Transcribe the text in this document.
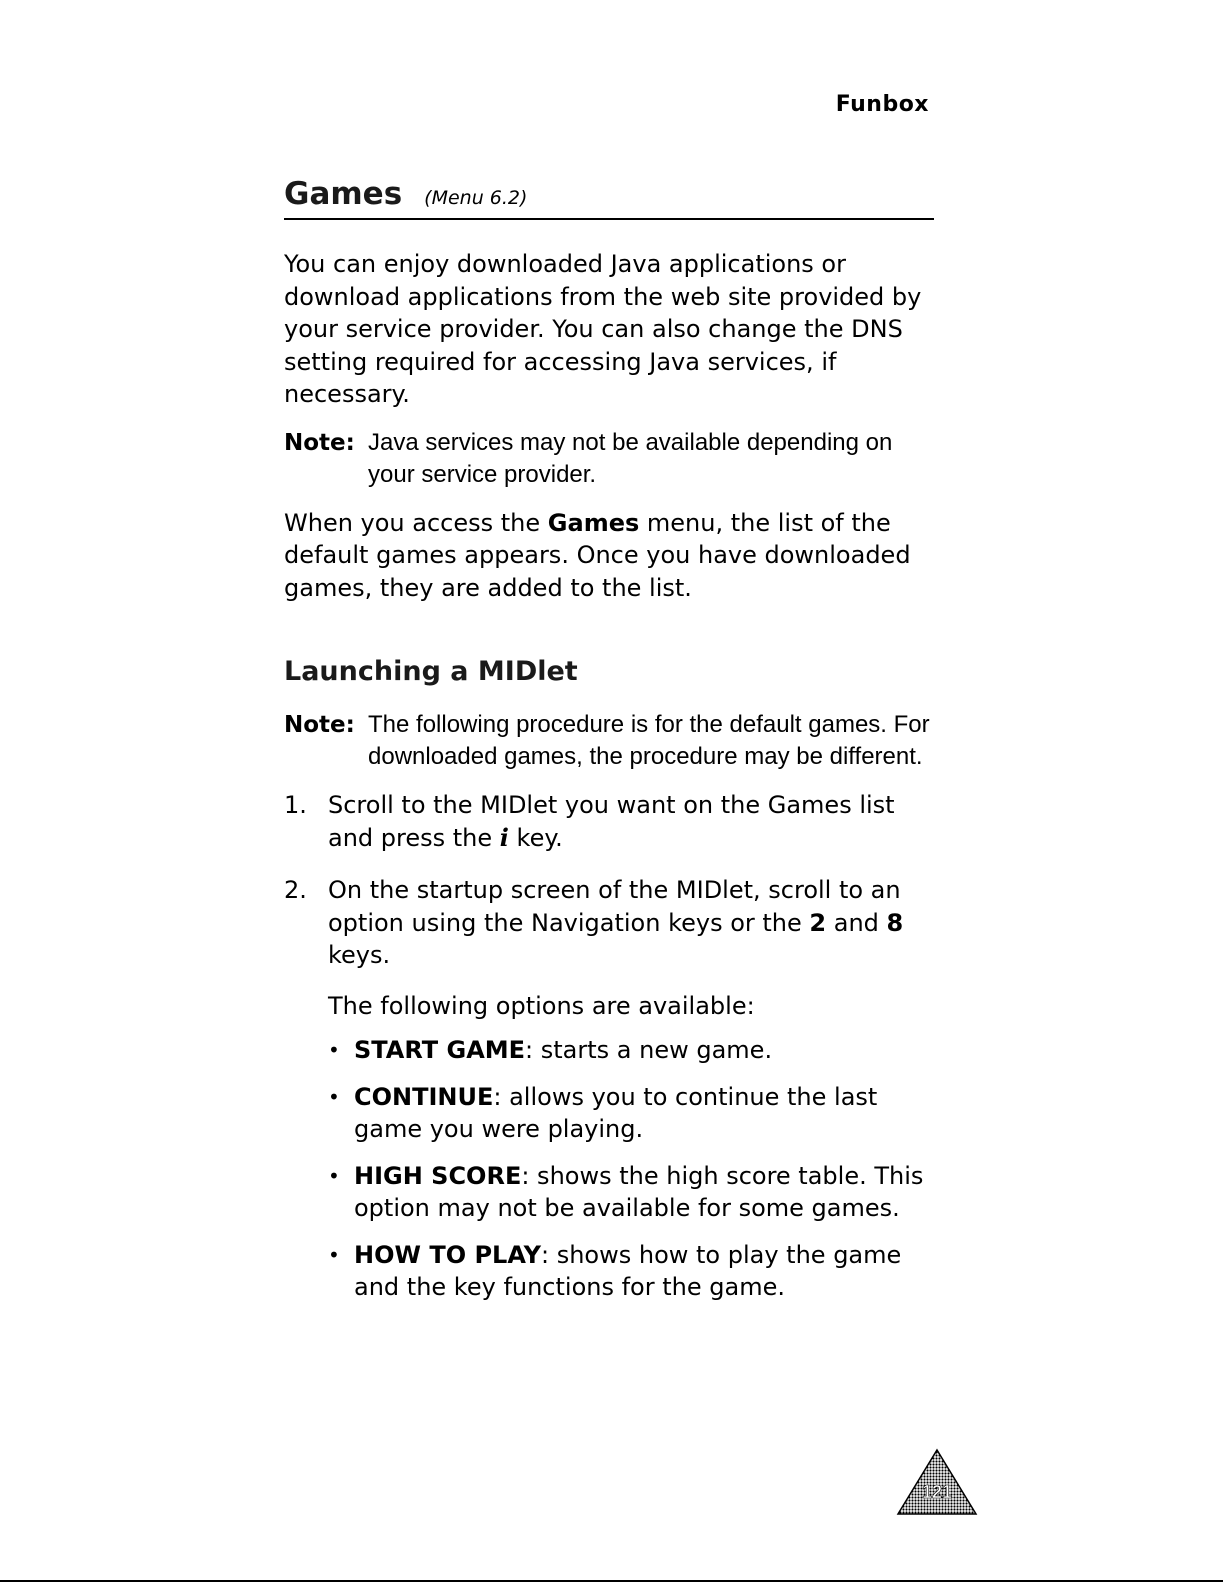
Funbox
Games (Menu 6.2)

You can enjoy downloaded Java applications or download applications from the web site provided by your service provider. You can also change the DNS setting required for accessing Java services, if necessary.

Note: Java services may not be available depending on your service provider.

When you access the Games menu, the list of the default games appears. Once you have downloaded games, they are added to the list.

Launching a MIDlet
Note: The following procedure is for the default games. For downloaded games, the procedure may be different.
1. Scroll to the MIDlet you want on the Games list and press the i key.
2. On the startup screen of the MIDlet, scroll to an option using the Navigation keys or the 2 and 8 keys.
The following options are available:
• START GAME: starts a new game.
• CONTINUE: allows you to continue the last game you were playing.
• HIGH SCORE: shows the high score table. This option may not be available for some games.
• HOW TO PLAY: shows how to play the game and the key functions for the game.
121
